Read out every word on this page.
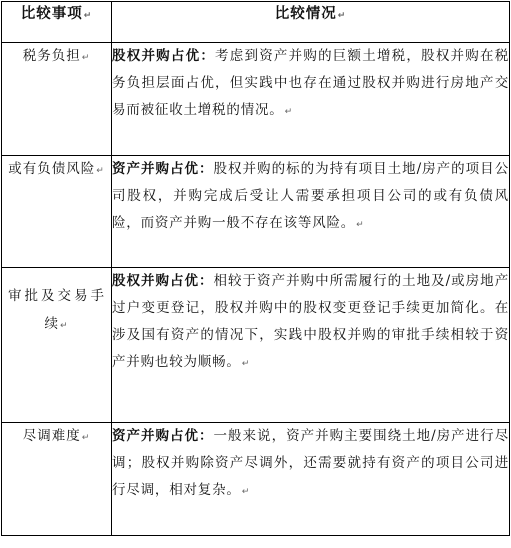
比较事项↵	比较情况↵
税务负担↵	股权并购占优：考虑到资产并购的巨额土增税，股权并购在税务负担层面占优，但实践中也存在通过股权并购进行房地产交易而被征收土增税的情况。↵
或有负债风险↵	资产并购占优：股权并购的标的为持有项目土地/房产的项目公司股权，并购完成后受让人需要承担项目公司的或有负债风险，而资产并购一般不存在该等风险。↵
审批及交易手续↵	股权并购占优：相较于资产并购中所需履行的土地及/或房地产过户变更登记，股权并购中的股权变更登记手续更加简化。在涉及国有资产的情况下，实践中股权并购的审批手续相较于资产并购也较为顺畅。↵
尽调难度↵	资产并购占优：一般来说，资产并购主要围绕土地/房产进行尽调；股权并购除资产尽调外，还需要就持有资产的项目公司进行尽调，相对复杂。↵
